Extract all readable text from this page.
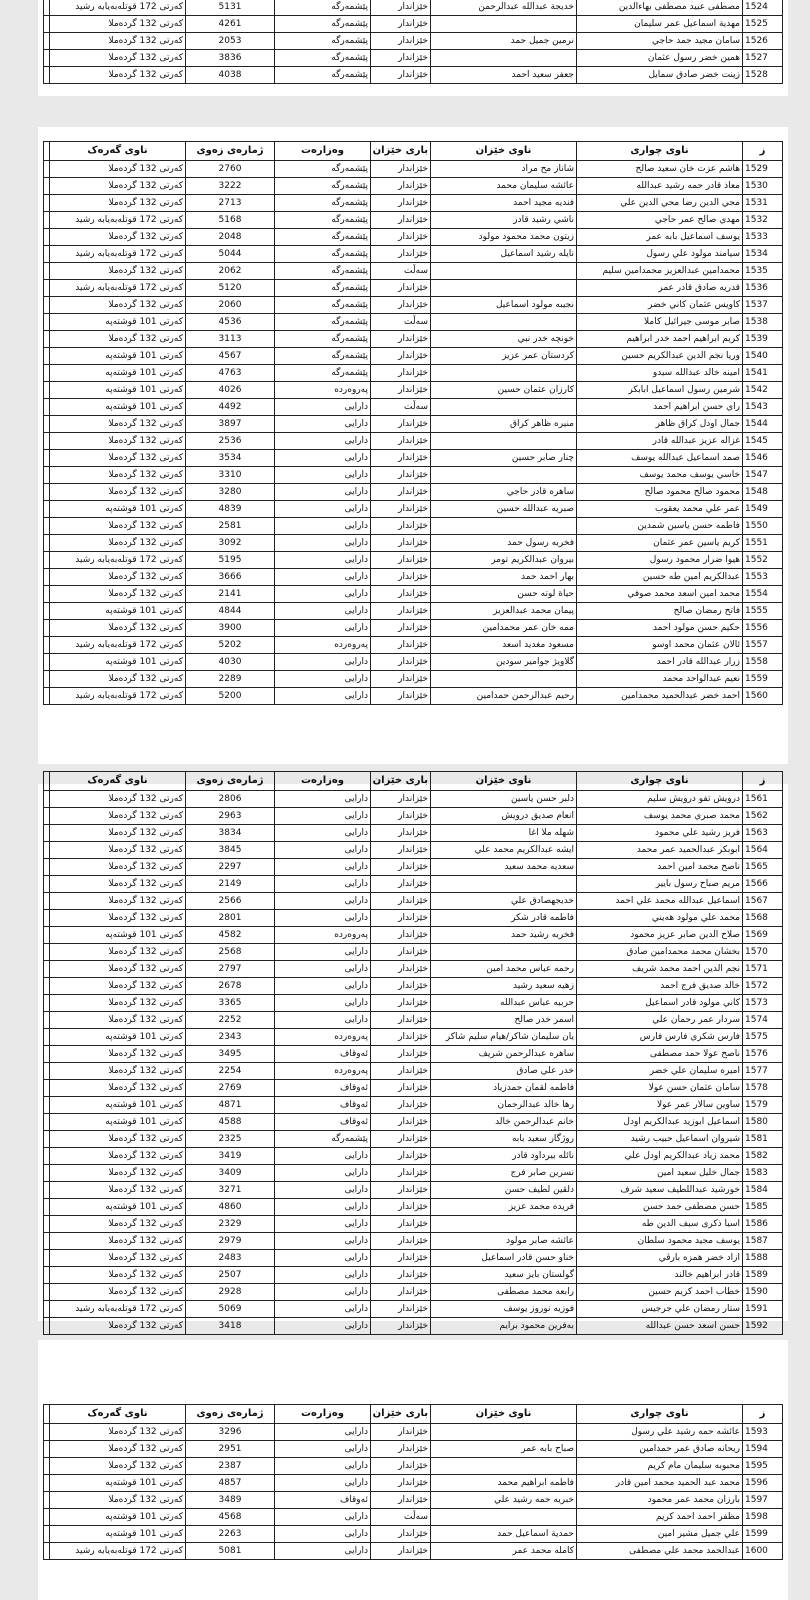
1524	مصطفى عبيد مصطفى بهاءالدين	خديجة عبدالله عبدالرحمن	خێزاندار	پێشمەرگە	5131	کەرتی 172 قوتلەبەیابە رشید	
1525	مهدية اسماعيل عمر سليمان		خێزاندار	پێشمەرگە	4261	کەرتی 132 گردەملا	
1526	سامان مجيد حمد حاجي	نرمين جميل حمد	خێزاندار	پێشمەرگە	2053	کەرتی 132 گردەملا	
1527	همين خضر رسول عثمان		خێزاندار	پێشمەرگە	3836	کەرتی 132 گردەملا	
1528	زينت خضر صادق سمايل	جعفر سعيد احمد	خێزاندار	پێشمەرگە	4038	کەرتی 132 گردەملا	
ز	ناوی چواری	ناوی خێزان	باری خێزان	وەزارەت	ژمارەی زەوی	ناوی گەرەک	
1529	هاشم عزت خان سعيد صالح	شاناز مح مراد	خێزاندار	پێشمەرگە	2760	کەرتی 132 گردەملا	
1530	معاذ قادر حمه رشيد عبدالله	عائشه سليمان محمد	خێزاندار	پێشمەرگە	3222	کەرتی 132 گردەملا	
1531	محي الدين رضا محي الدين علي	فنديه مجيد احمد	خێزاندار	پێشمەرگە	2713	کەرتی 132 گردەملا	
1532	مهدي صالح عمر حاجي	ناشي رشيد قادر	خێزاندار	پێشمەرگە	5168	کەرتی 172 قوتلەبەیابە رشید	
1533	يوسف اسماعيل بابه عمر	زيتون محمد محمود مولود	خێزاندار	پێشمەرگە	2048	کەرتی 132 گردەملا	
1534	سيامند مولود علي رسول	نايله رشيد اسماعيل	خێزاندار	پێشمەرگە	5044	کەرتی 172 قوتلەبەیابە رشید	
1535	محمدامين عبدالعزيز محمدامين سليم		سەڵت	پێشمەرگە	2062	کەرتی 132 گردەملا	
1536	قدريه صادق قادر عمر		خێزاندار	پێشمەرگە	5120	کەرتی 172 قوتلەبەیابە رشید	
1537	كاويس عثمان كاني خضر	نجيبه مولود اسماعيل	خێزاندار	پێشمەرگە	2060	کەرتی 132 گردەملا	
1538	صابر موسى جيرائيل كاملا		سەڵت	پێشمەرگە	4536	کەرتی 101 قوشتەپە	
1539	كريم ابراهيم احمد خدر ابراهيم	خونچه خدر نبي	خێزاندار	پێشمەرگە	3113	کەرتی 132 گردەملا	
1540	وريا نجم الدين عبدالكريم حسين	كردستان عمر عزيز	خێزاندار	پێشمەرگە	4567	کەرتی 101 قوشتەپە	
1541	امينه خالد عبدالله سيدو		خێزاندار	پێشمەرگە	4763	کەرتی 101 قوشتەپە	
1542	شرمين رسول اسماعيل ابابكر	كارزان عثمان حسين	خێزاندار	پەروەردە	4026	کەرتی 101 قوشتەپە	
1543	راي حسن ابراهيم احمد		سەڵت	دارایی	4492	کەرتی 101 قوشتەپە	
1544	جمال اودل كراق ظاهر	منيره ظاهر كراق	خێزاندار	دارایی	3897	کەرتی 132 گردەملا	
1545	غزاله عزيز عبدالله قادر		خێزاندار	دارایی	2536	کەرتی 132 گردەملا	
1546	صمد اسماعيل عبدالله يوسف	چنار صابر حسين	خێزاندار	دارایی	3534	کەرتی 132 گردەملا	
1547	خاسي يوسف محمد يوسف		خێزاندار	دارایی	3310	کەرتی 132 گردەملا	
1548	محمود صالح محمود صالح	ساهره قادر حاجي	خێزاندار	دارایی	3280	کەرتی 132 گردەملا	
1549	عمر علي محمد يعقوب	صبريه عبدالله حسين	خێزاندار	دارایی	4839	کەرتی 101 قوشتەپە	
1550	فاطمه حسن ياسين شمدين		خێزاندار	دارایی	2581	کەرتی 132 گردەملا	
1551	كريم ياسين عمر عثمان	فخريه رسول حمد	خێزاندار	دارایی	3092	کەرتی 132 گردەملا	
1552	هيوا ضرار محمود رسول	بيروان عبدالكريم تومر	خێزاندار	دارایی	5195	کەرتی 172 قوتلەبەیابە رشید	
1553	عبدالكريم امين طه حسين	بهار احمد حمد	خێزاندار	دارایی	3666	کەرتی 132 گردەملا	
1554	محمد امين اسعد محمد صوفي	حياة لوته حسن	خێزاندار	دارایی	2141	کەرتی 132 گردەملا	
1555	فاتح رمضان صالح	پيمان محمد عبدالعزيز	خێزاندار	دارایی	4844	کەرتی 101 قوشتەپە	
1556	حكيم حسن مولود احمد	ممه خان عمر محمدامين	خێزاندار	دارایی	3900	کەرتی 132 گردەملا	
1557	ئالان عثمان محمد اوسو	مسعود مغديد اسعد	خێزاندار	پەروەردە	5202	کەرتی 172 قوتلەبەیابە رشید	
1558	زرار عبدالله قادر احمد	گلاويژ جوامير سودين	خێزاندار	دارایی	4030	کەرتی 101 قوشتەپە	
1559	نعيم عبدالواحد محمد		خێزاندار	دارایی	2289	کەرتی 132 گردەملا	
1560	احمد خضر عبدالحميد محمدامين	رحيم عبدالرحمن حمدامين	خێزاندار	دارایی	5200	کەرتی 172 قوتلەبەیابە رشید	
ز	ناوی چواری	ناوی خێزان	باری خێزان	وەزارەت	ژمارەی زەوی	ناوی گەرەک	
1561	درويش تفو درويش سليم	دلبر حسن ياسين	خێزاندار	دارایی	2806	کەرتی 132 گردەملا	
1562	محمد صبري محمد يوسف	انعام صديق درويش	خێزاندار	دارایی	2963	کەرتی 132 گردەملا	
1563	فريز رشيد علي محمود	شهله ملا اغا	خێزاندار	دارایی	3834	کەرتی 132 گردەملا	
1564	ابوبكر عبدالحميد عمر محمد	ايشه عبدالكريم محمد علي	خێزاندار	دارایی	3845	کەرتی 132 گردەملا	
1565	ناصح محمد امين احمد	سعديه محمد سعيد	خێزاندار	دارایی	2297	کەرتی 132 گردەملا	
1566	مريم صباح رسول بايير		خێزاندار	دارایی	2149	کەرتی 132 گردەملا	
1567	اسماعيل عبدالله محمد علي احمد	خديجهصادق علي	خێزاندار	دارایی	2566	کەرتی 132 گردەملا	
1568	محمد علي مولود هەيني	فاطمه قادر شكر	خێزاندار	دارایی	2801	کەرتی 132 گردەملا	
1569	صلاح الدين صابر عزيز محمود	فخريه رشيد حمد	خێزاندار	پەروەردە	4582	کەرتی 101 قوشتەپە	
1570	بخشان محمد محمدامين صادق		خێزاندار	دارایی	2568	کەرتی 132 گردەملا	
1571	نجم الدين احمد محمد شريف	رحمه عباس محمد امين	خێزاندار	دارایی	2797	کەرتی 132 گردەملا	
1572	خالد صديق فرج احمد	زهيه سعيد رشيد	خێزاندار	دارایی	2678	کەرتی 132 گردەملا	
1573	كاني مولود قادر اسماعيل	حربيه عباس عبدالله	خێزاندار	دارایی	3365	کەرتی 132 گردەملا	
1574	سردار عمر رحمان علي	اسمر خدر صالح	خێزاندار	دارایی	2252	کەرتی 132 گردەملا	
1575	فارس شكري فارس فارس	يان سليمان شاكر/هيام سليم شاكر	خێزاندار	پەروەردە	2343	کەرتی 101 قوشتەپە	
1576	ناصح عولا حمد مصطفى	ساهره عبدالرحمن شريف	خێزاندار	ئەوقاف	3495	کەرتی 132 گردەملا	
1577	اميره سليمان علي خضر	خدر علي صادق	خێزاندار	پەروەردە	2254	کەرتی 132 گردەملا	
1578	سامان عثمان حسن عولا	فاطمه لقمان حمدزياد	خێزاندار	ئەوقاف	2769	کەرتی 132 گردەملا	
1579	ساوين سالار عمر عولا	رها خالد عبدالرحمان	خێزاندار	ئەوقاف	4871	کەرتی 101 قوشتەپە	
1580	اسماعيل ابوزيد عبدالكريم اودل	خانم عبدالرحمن خالد	خێزاندار	ئەوقاف	4588	کەرتی 101 قوشتەپە	
1581	شيروان اسماعيل حبيب رشيد	روژگار سعيد بابه	خێزاندار	پێشمەرگە	2325	کەرتی 132 گردەملا	
1582	محمد زياد عبدالكريم اودل علي	نائله بيرداود قادر	خێزاندار	دارایی	3419	کەرتی 132 گردەملا	
1583	جمال خليل سعيد امين	نسرين صابر فرج	خێزاندار	دارایی	3409	کەرتی 132 گردەملا	
1584	خورشيد عبداللطيف سعيد شرف	دلڤين لطيف حسن	خێزاندار	دارایی	3271	کەرتی 132 گردەملا	
1585	حسن مصطفى حمد حسن	فريده محمد عزيز	خێزاندار	دارایی	4860	کەرتی 101 قوشتەپە	
1586	اسيا ذكرى سيف الدين طه		خێزاندار	دارایی	2329	کەرتی 132 گردەملا	
1587	يوسف مجيد محمود سلطان	عائشه صابر مولود	خێزاندار	دارایی	2979	کەرتی 132 گردەملا	
1588	ازاد خضر همزه بارڤي	خناو حسن قادر اسماعيل	خێزاندار	دارایی	2483	کەرتی 132 گردەملا	
1589	قادر ابراهيم خالند	گولستان بايز سعيد	خێزاندار	دارایی	2507	کەرتی 132 گردەملا	
1590	خطاب احمد كريم حسين	رابعه محمد مصطفى	خێزاندار	دارایی	2928	کەرتی 132 گردەملا	
1591	ستار رمضان علي جرجيس	فوزيه نوروز يوسف	خێزاندار	دارایی	5069	کەرتی 172 قوتلەبەیابە رشید	
1592	حسن اسعد حسن عبدالله	بەفرين محمود برايم	خێزاندار	دارایی	3418	کەرتی 132 گردەملا	
ز	ناوی چواری	ناوی خێزان	باری خێزان	وەزارەت	ژمارەی زەوی	ناوی گەرەک	
1593	عائشه حمه رشيد علي رسول		خێزاندار	دارایی	3296	کەرتی 132 گردەملا	
1594	ريحانه صادق عمر حمدامين	صباح بابه عمر	خێزاندار	دارایی	2951	کەرتی 132 گردەملا	
1595	محبوبه سليمان مام كريم		خێزاندار	دارایی	2387	کەرتی 132 گردەملا	
1596	محمد عبد الحميد محمد امين قادر	فاطمه ابراهيم محمد	خێزاندار	دارایی	4857	کەرتی 101 قوشتەپە	
1597	بارزان محمد عمر محمود	خبريه حمه رشيد علي	خێزاندار	ئەوقاف	3489	کەرتی 132 گردەملا	
1598	مظفر احمد احمد كريم		سەڵت	دارایی	4568	کەرتی 101 قوشتەپە	
1599	علي جميل مشير امين	حمدية اسماعيل حمد	خێزاندار	دارایی	2263	کەرتی 101 قوشتەپە	
1600	عبدالحمد محمد علي مصطفى	كامله محمد عمر	خێزاندار	دارایی	5081	کەرتی 172 قوتلەبەیابە رشید	
